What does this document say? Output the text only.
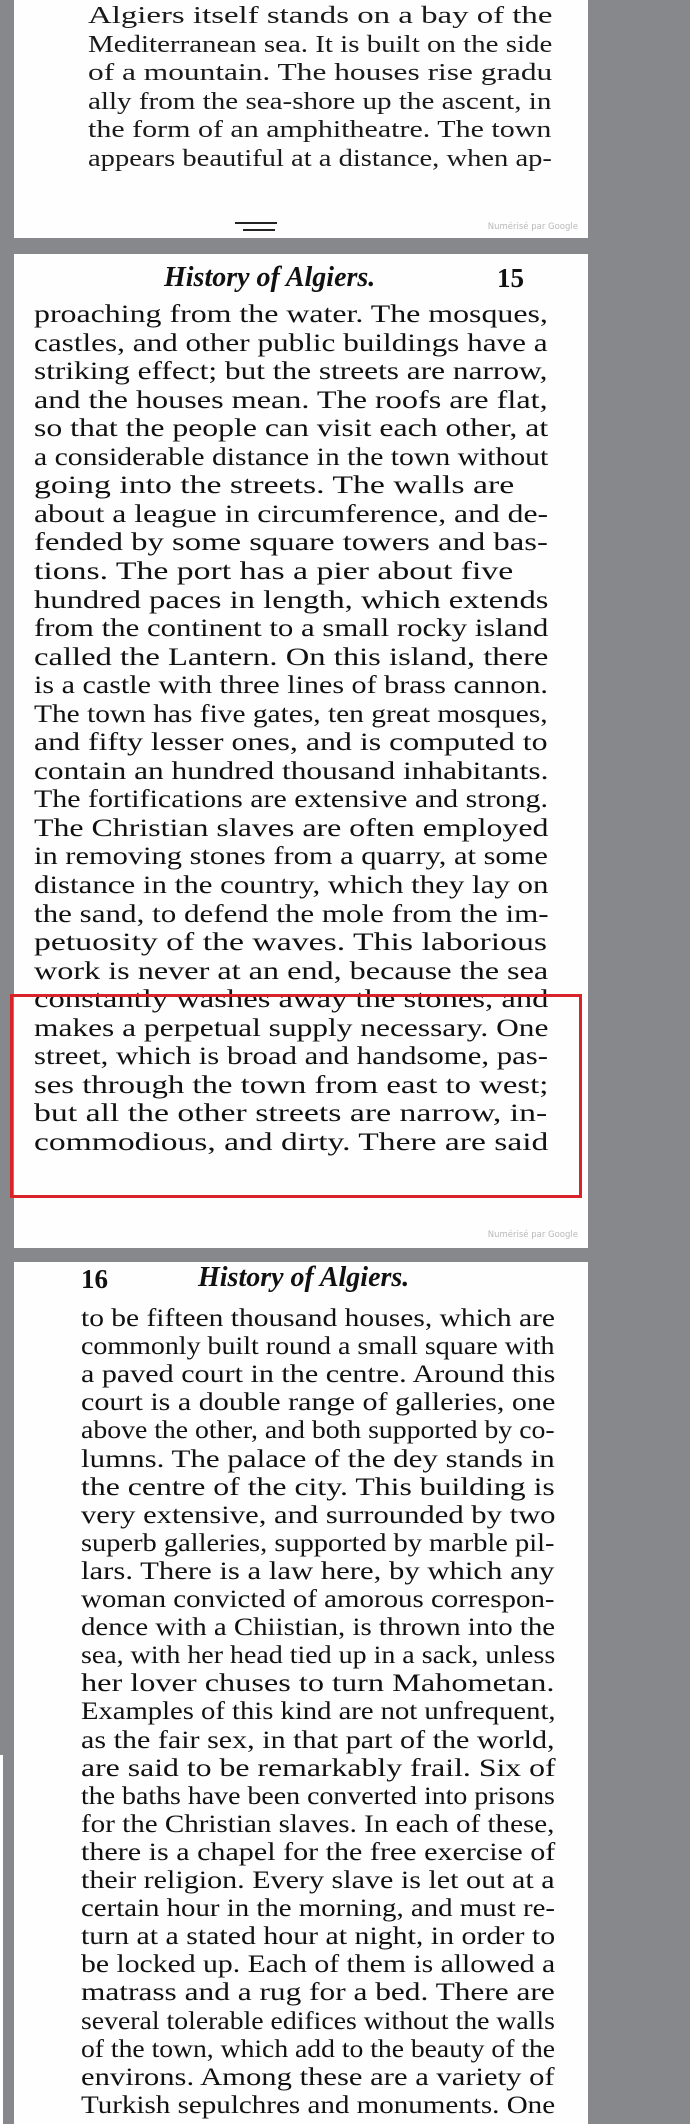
Algiers itself stands on a bay of the
Mediterranean sea. It is built on the side
of a mountain. The houses rise gradu
ally from the sea-shore up the ascent, in
the form of an amphitheatre. The town
appears beautiful at a distance, when ap-
Numérisé par Google
History of Algiers.	15
proaching from the water. The mosques,
castles, and other public buildings have a
striking effect; but the streets are narrow,
and the houses mean. The roofs are flat,
so that the people can visit each other, at
a considerable distance in the town without
going into the streets. The walls are
about a league in circumference, and de-
fended by some square towers and bas-
tions. The port has a pier about five
hundred paces in length, which extends
from the continent to a small rocky island
called the Lantern. On this island, there
is a castle with three lines of brass cannon.
The town has five gates, ten great mosques,
and fifty lesser ones, and is computed to
contain an hundred thousand inhabitants.
The fortifications are extensive and strong.
The Christian slaves are often employed
in removing stones from a quarry, at some
distance in the country, which they lay on
the sand, to defend the mole from the im-
petuosity of the waves. This laborious
work is never at an end, because the sea
constantly washes away the stones, and
makes a perpetual supply necessary. One
street, which is broad and handsome, pas-
ses through the town from east to west;
but all the other streets are narrow, in-
commodious, and dirty. There are said
Numérisé par Google
16	History of Algiers.
to be fifteen thousand houses, which are
commonly built round a small square with
a paved court in the centre. Around this
court is a double range of galleries, one
above the other, and both supported by co-
lumns. The palace of the dey stands in
the centre of the city. This building is
very extensive, and surrounded by two
superb galleries, supported by marble pil-
lars. There is a law here, by which any
woman convicted of amorous correspon-
dence with a Chiistian, is thrown into the
sea, with her head tied up in a sack, unless
her lover chuses to turn Mahometan.
Examples of this kind are not unfrequent,
as the fair sex, in that part of the world,
are said to be remarkably frail. Six of
the baths have been converted into prisons
for the Christian slaves. In each of these,
there is a chapel for the free exercise of
their religion. Every slave is let out at a
certain hour in the morning, and must re-
turn at a stated hour at night, in order to
be locked up. Each of them is allowed a
matrass and a rug for a bed. There are
several tolerable edifices without the walls
of the town, which add to the beauty of the
environs. Among these are a variety of
Turkish sepulchres and monuments. One
